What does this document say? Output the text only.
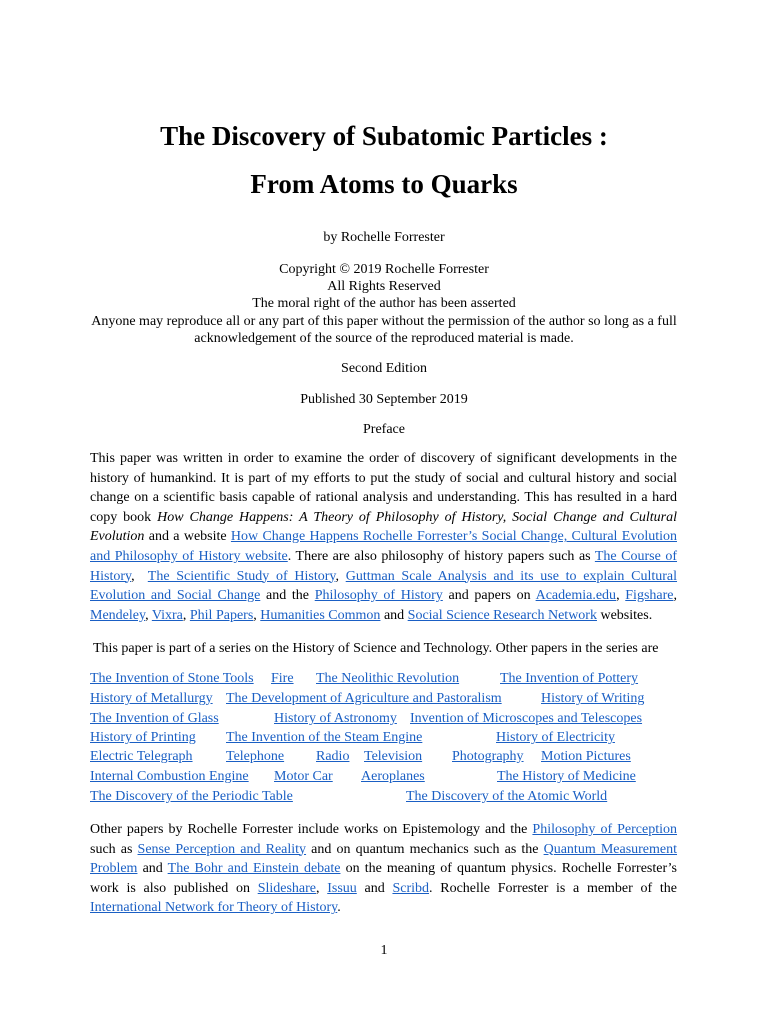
The Discovery of Subatomic Particles :
From Atoms to Quarks

by Rochelle Forrester

Copyright © 2019 Rochelle Forrester

All Rights Reserved

The moral right of the author has been asserted

Anyone may reproduce all or any part of this paper without the permission of the author so long as a full

acknowledgement of the source of the reproduced material is made.

Second Edition

Published 30 September 2019

Preface

This paper was written in order to examine the order of discovery of significant developments in the history of humankind. It is part of my efforts to put the study of social and cultural history and social change on a scientific basis capable of rational analysis and understanding. This has resulted in a hard copy book How Change Happens: A Theory of Philosophy of History, Social Change and Cultural Evolution and a website How Change Happens Rochelle Forrester’s Social Change, Cultural Evolution and Philosophy of History website. There are also philosophy of history papers such as The Course of History,  The Scientific Study of History, Guttman Scale Analysis and its use to explain Cultural Evolution and Social Change and the Philosophy of History and papers on Academia.edu, Figshare, Mendeley, Vixra, Phil Papers, Humanities Common and Social Science Research Network websites.

This paper is part of a series on the History of Science and Technology. Other papers in the series are

The Invention of Stone Tools Fire The Neolithic Revolution	The Invention of Pottery
History of Metallurgy The Development of Agriculture and Pastoralism	History of Writing
The Invention of Glass	History of Astronomy Invention of Microscopes and Telescopes
History of Printing The Invention of the Steam Engine	History of Electricity
Electric Telegraph Telephone Radio Television Photography Motion Pictures
Internal Combustion Engine Motor Car Aeroplanes	The History of Medicine
The Discovery of the Periodic Table	The Discovery of the Atomic World

Other papers by Rochelle Forrester include works on Epistemology and the Philosophy of Perception such as Sense Perception and Reality and on quantum mechanics such as the Quantum Measurement Problem and The Bohr and Einstein debate on the meaning of quantum physics. Rochelle Forrester’s work is also published on Slideshare, Issuu and Scribd. Rochelle Forrester is a member of the International Network for Theory of History.

1
